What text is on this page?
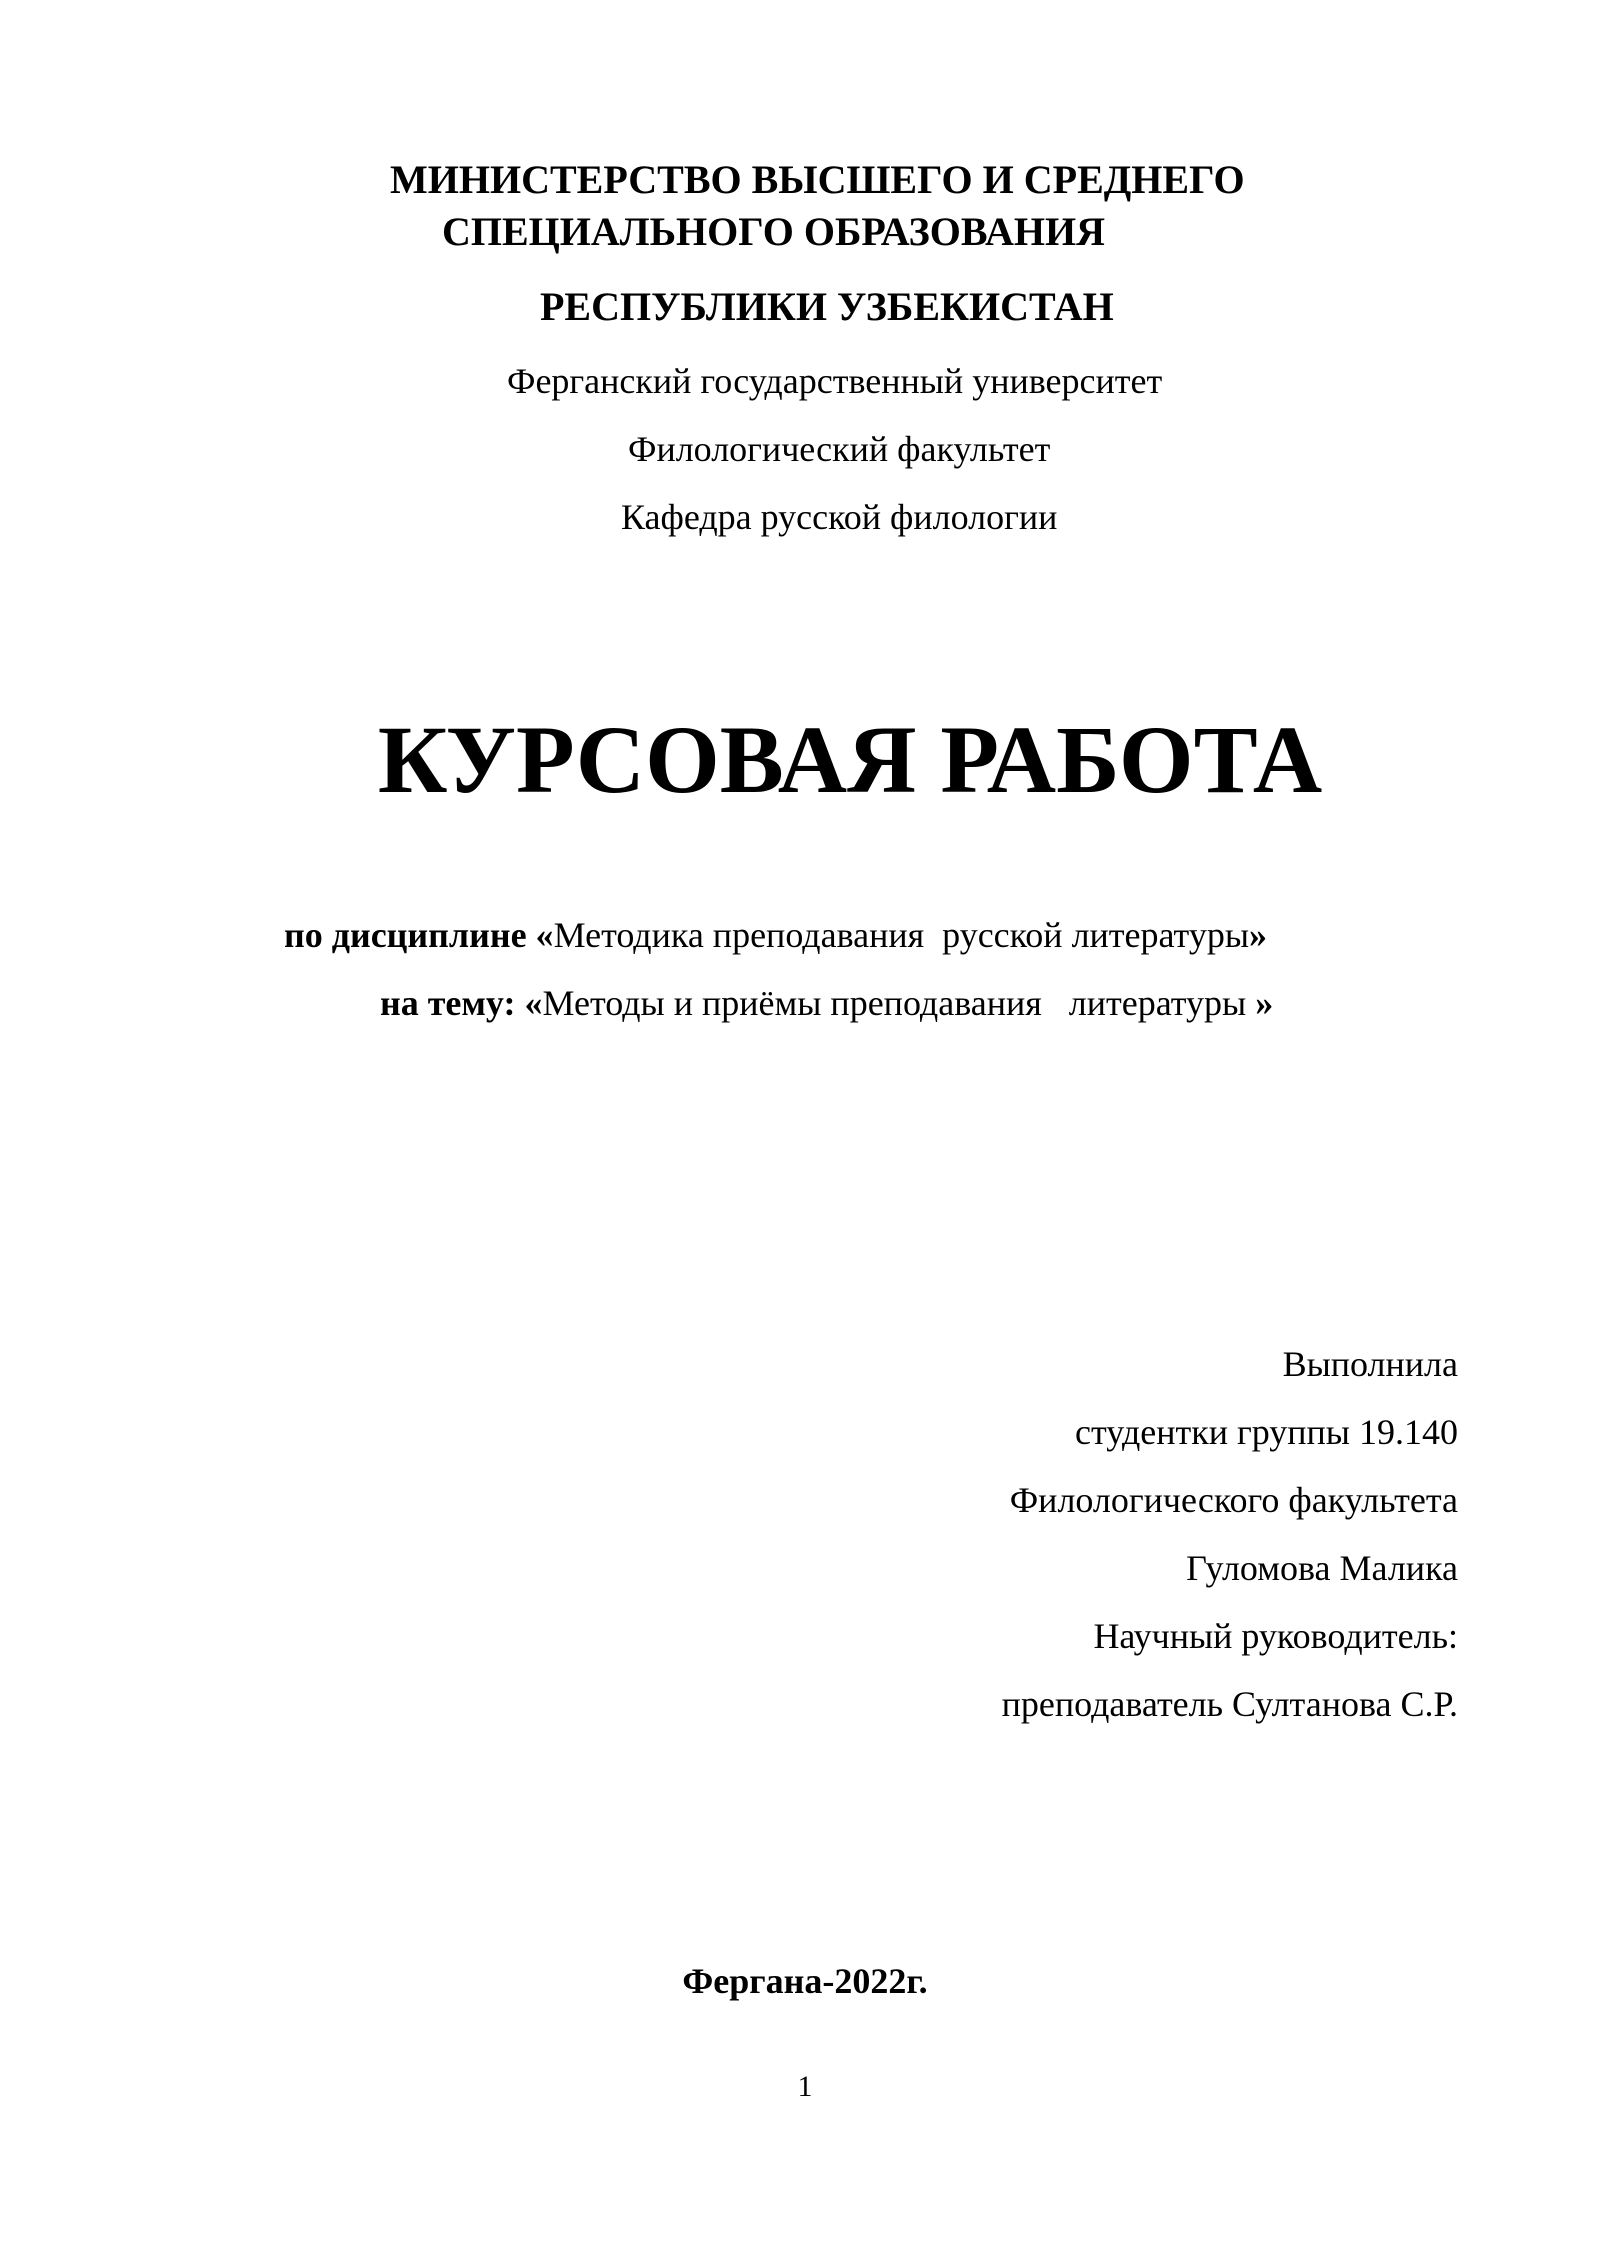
МИНИСТЕРСТВО ВЫСШЕГО И СРЕДНЕГО
СПЕЦИАЛЬНОГО ОБРАЗОВАНИЯ
РЕСПУБЛИКИ УЗБЕКИСТАН
Ферганский государственный университет
Филологический факультет
Кафедра русской филологии
КУРСОВАЯ РАБОТА
по дисциплине «Методика преподавания  русской литературы»
на тему: «Методы и приёмы преподавания   литературы »
Выполнила
студентки группы 19.140
Филологического факультета
Гуломова Малика
Научный руководитель:
преподаватель Султанова С.Р.
Фергана-2022г.
1
